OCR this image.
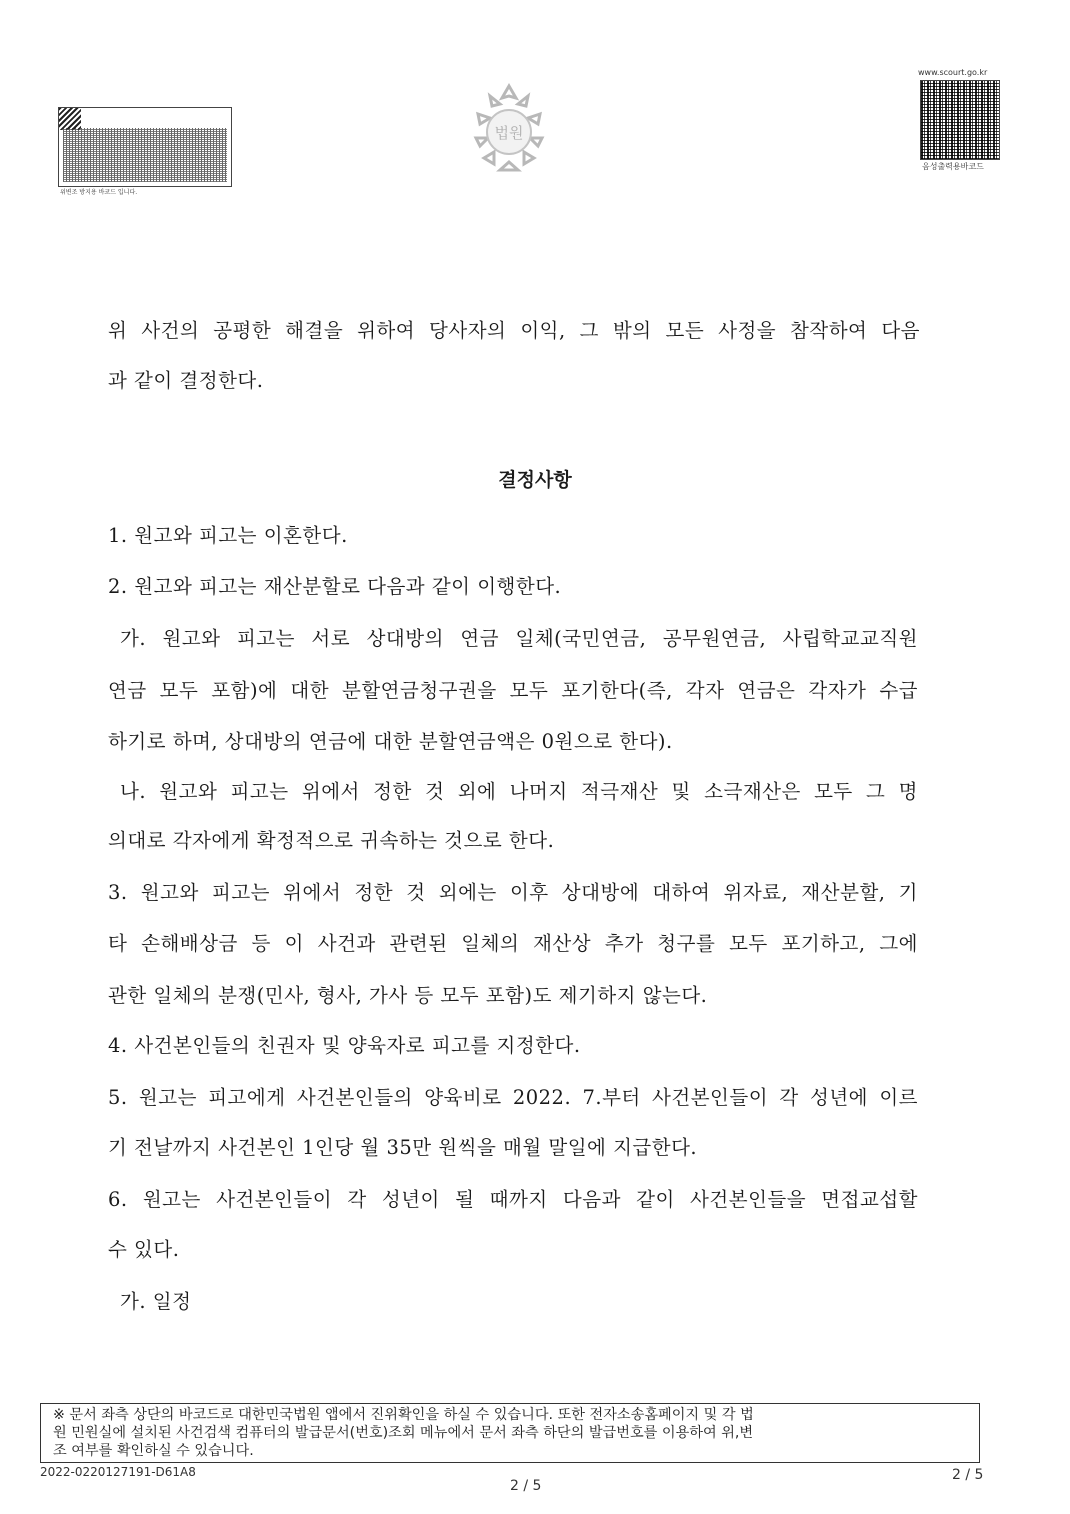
위변조 방지용 바코드 입니다.
법원
www.scourt.go.kr
음성출력용바코드
위 사건의 공평한 해결을 위하여 당사자의 이익, 그 밖의 모든 사정을 참작하여 다음
과 같이 결정한다.
결정사항
1. 원고와 피고는 이혼한다.
2. 원고와 피고는 재산분할로 다음과 같이 이행한다.
가. 원고와 피고는 서로 상대방의 연금 일체(국민연금, 공무원연금, 사립학교교직원
연금 모두 포함)에 대한 분할연금청구권을 모두 포기한다(즉, 각자 연금은 각자가 수급
하기로 하며, 상대방의 연금에 대한 분할연금액은 0원으로 한다).
나. 원고와 피고는 위에서 정한 것 외에 나머지 적극재산 및 소극재산은 모두 그 명
의대로 각자에게 확정적으로 귀속하는 것으로 한다.
3. 원고와 피고는 위에서 정한 것 외에는 이후 상대방에 대하여 위자료, 재산분할, 기
타 손해배상금 등 이 사건과 관련된 일체의 재산상 추가 청구를 모두 포기하고, 그에
관한 일체의 분쟁(민사, 형사, 가사 등 모두 포함)도 제기하지 않는다.
4. 사건본인들의 친권자 및 양육자로 피고를 지정한다.
5. 원고는 피고에게 사건본인들의 양육비로 2022. 7.부터 사건본인들이 각 성년에 이르
기 전날까지 사건본인 1인당 월 35만 원씩을 매월 말일에 지급한다.
6. 원고는 사건본인들이 각 성년이 될 때까지 다음과 같이 사건본인들을 면접교섭할
수 있다.
가. 일정
※ 문서 좌측 상단의 바코드로 대한민국법원 앱에서 진위확인을 하실 수 있습니다. 또한 전자소송홈페이지 및 각 법
원 민원실에 설치된 사건검색 컴퓨터의 발급문서(번호)조회 메뉴에서 문서 좌측 하단의 발급번호를 이용하여 위,변
조 여부를 확인하실 수 있습니다.
2022-0220127191-D61A8
2 / 5
2 / 5
